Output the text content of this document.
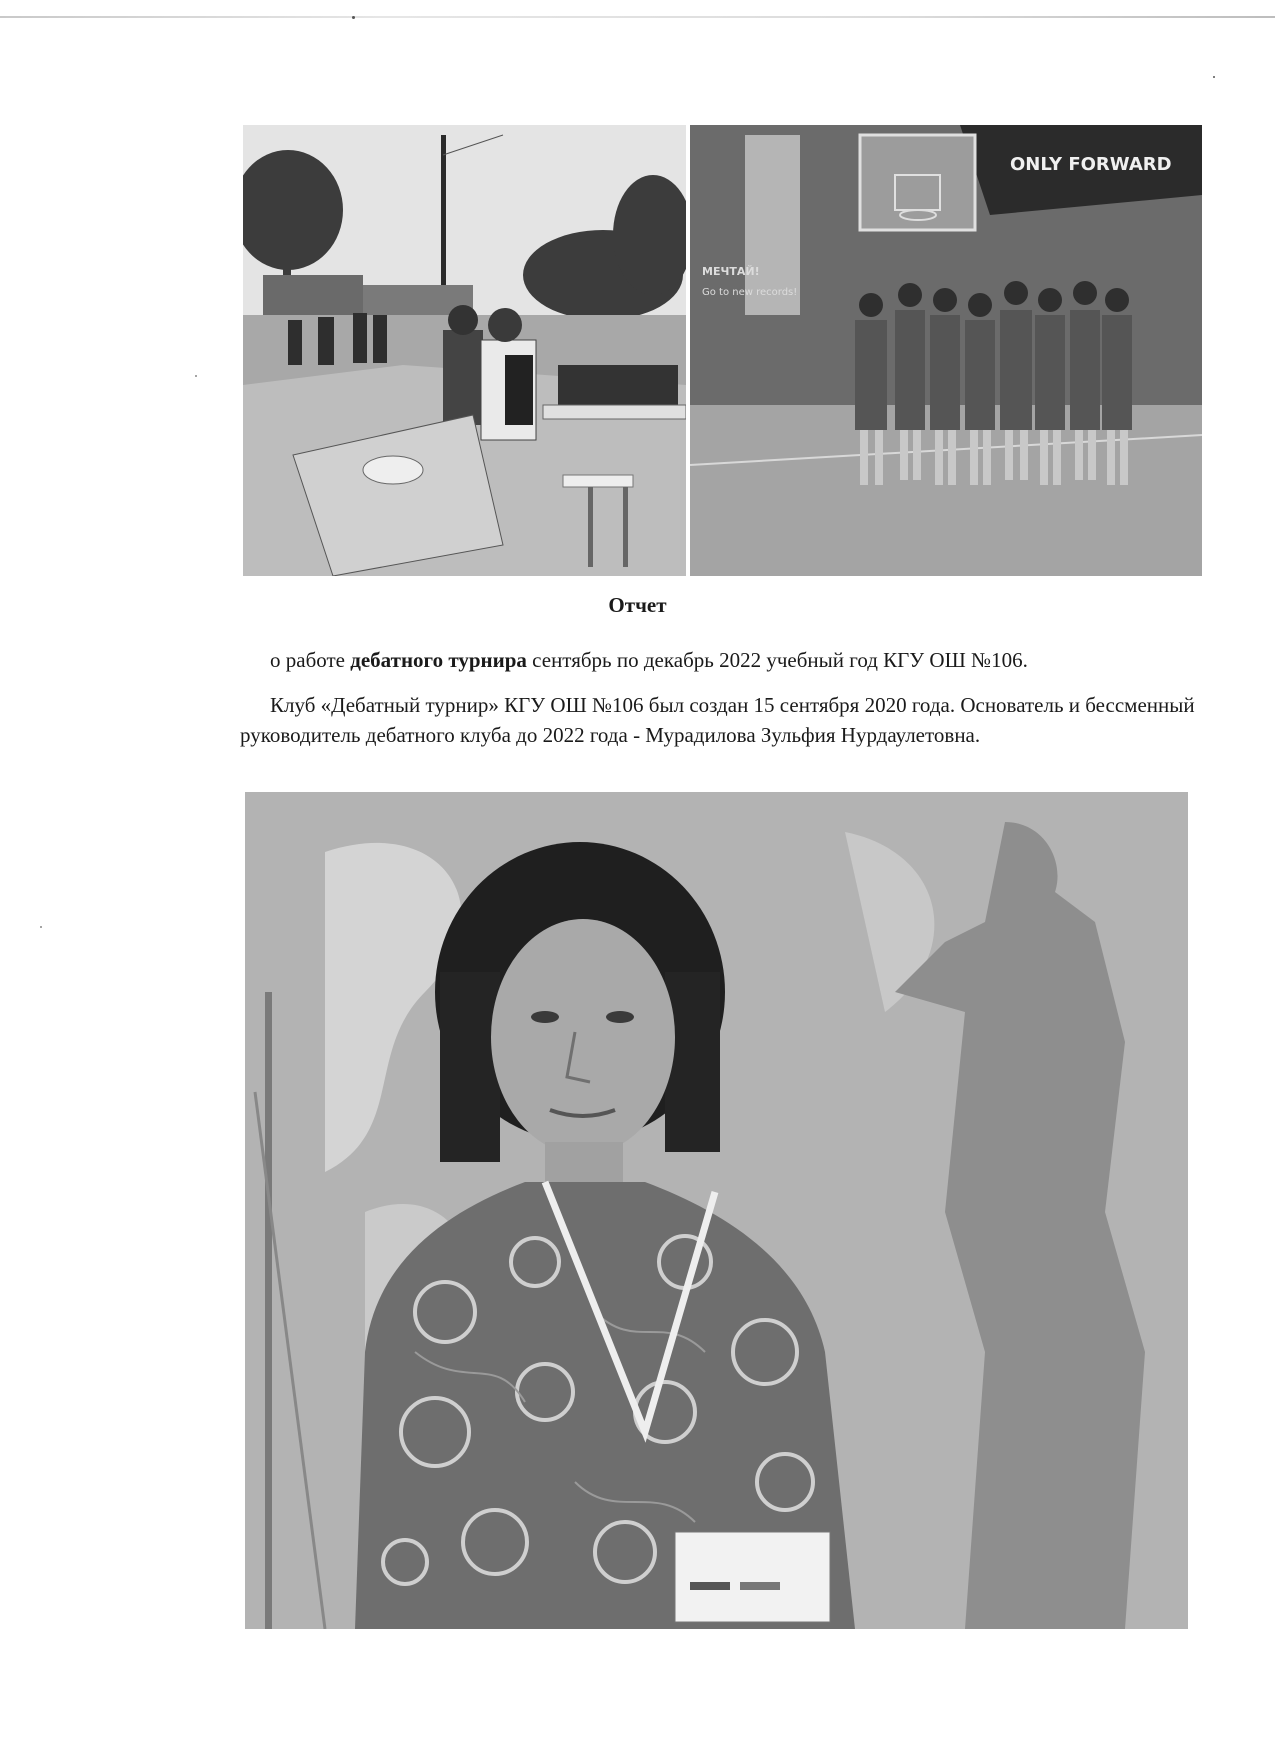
ONLY FORWARD
МЕЧТАЙ!
Go to new records!
Отчет
о работе дебатного турнира сентябрь по декабрь 2022 учебный год КГУ ОШ №106.
Клуб «Дебатный турнир» КГУ ОШ №106 был создан 15 сентября 2020 года. Основатель и бессменный руководитель дебатного клуба до 2022 года - Мурадилова Зульфия Нурдаулетовна.
